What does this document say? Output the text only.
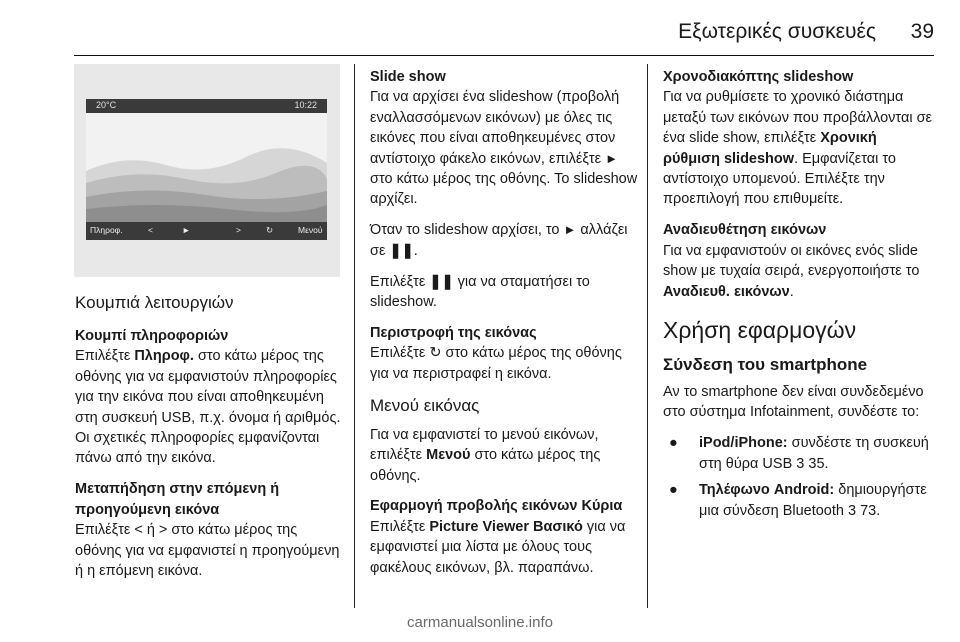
Εξωτερικές συσκευές	39
20°C	10:22
Πληροφ.	<	►	>	↻	Μενού
Κουμπιά λειτουργιών
Κουμπί πληροφοριών

Επιλέξτε Πληροφ. στο κάτω μέρος της οθόνης για να εμφανιστούν πληροφορίες για την εικόνα που είναι αποθηκευμένη στη συσκευή USB, π.χ. όνομα ή αριθμός. Οι σχετικές πληροφορίες εμφανίζονται πάνω από την εικόνα.

Μεταπήδηση στην επόμενη ή προηγούμενη εικόνα

Επιλέξτε < ή > στο κάτω μέρος της οθόνης για να εμφανιστεί η προηγούμενη ή η επόμενη εικόνα.

Slide show

Για να αρχίσει ένα slideshow (προβολή εναλλασσόμενων εικόνων) με όλες τις εικόνες που είναι αποθηκευμένες στον αντίστοιχο φάκελο εικόνων, επιλέξτε ► στο κάτω μέρος της οθόνης. Το slideshow αρχίζει.

Όταν το slideshow αρχίσει, το ► αλλάζει σε ❚❚.

Επιλέξτε ❚❚ για να σταματήσει το slideshow.

Περιστροφή της εικόνας

Επιλέξτε ↻ στο κάτω μέρος της οθόνης για να περιστραφεί η εικόνα.

Μενού εικόνας

Για να εμφανιστεί το μενού εικόνων, επιλέξτε Μενού στο κάτω μέρος της οθόνης.

Εφαρμογή προβολής εικόνων Κύρια

Επιλέξτε Picture Viewer Βασικό για να εμφανιστεί μια λίστα με όλους τους φακέλους εικόνων, βλ. παραπάνω.

Χρονοδιακόπτης slideshow

Για να ρυθμίσετε το χρονικό διάστημα μεταξύ των εικόνων που προβάλλονται σε ένα slide show, επιλέξτε Χρονική ρύθμιση slideshow. Εμφανίζεται το αντίστοιχο υπομενού. Επιλέξτε την προεπιλογή που επιθυμείτε.

Αναδιευθέτηση εικόνων

Για να εμφανιστούν οι εικόνες ενός slide show με τυχαία σειρά, ενεργοποιήστε το Αναδιευθ. εικόνων.

Χρήση εφαρμογών
Σύνδεση του smartphone

Αν το smartphone δεν είναι συνδεδεμένο στο σύστημα Infotainment, συνδέστε το:

●	iPod/iPhone: συνδέστε τη συσκευή στη θύρα USB 3 35.
●	Τηλέφωνο Android: δημιουργήστε μια σύνδεση Bluetooth 3 73.
carmanualsonline.info
